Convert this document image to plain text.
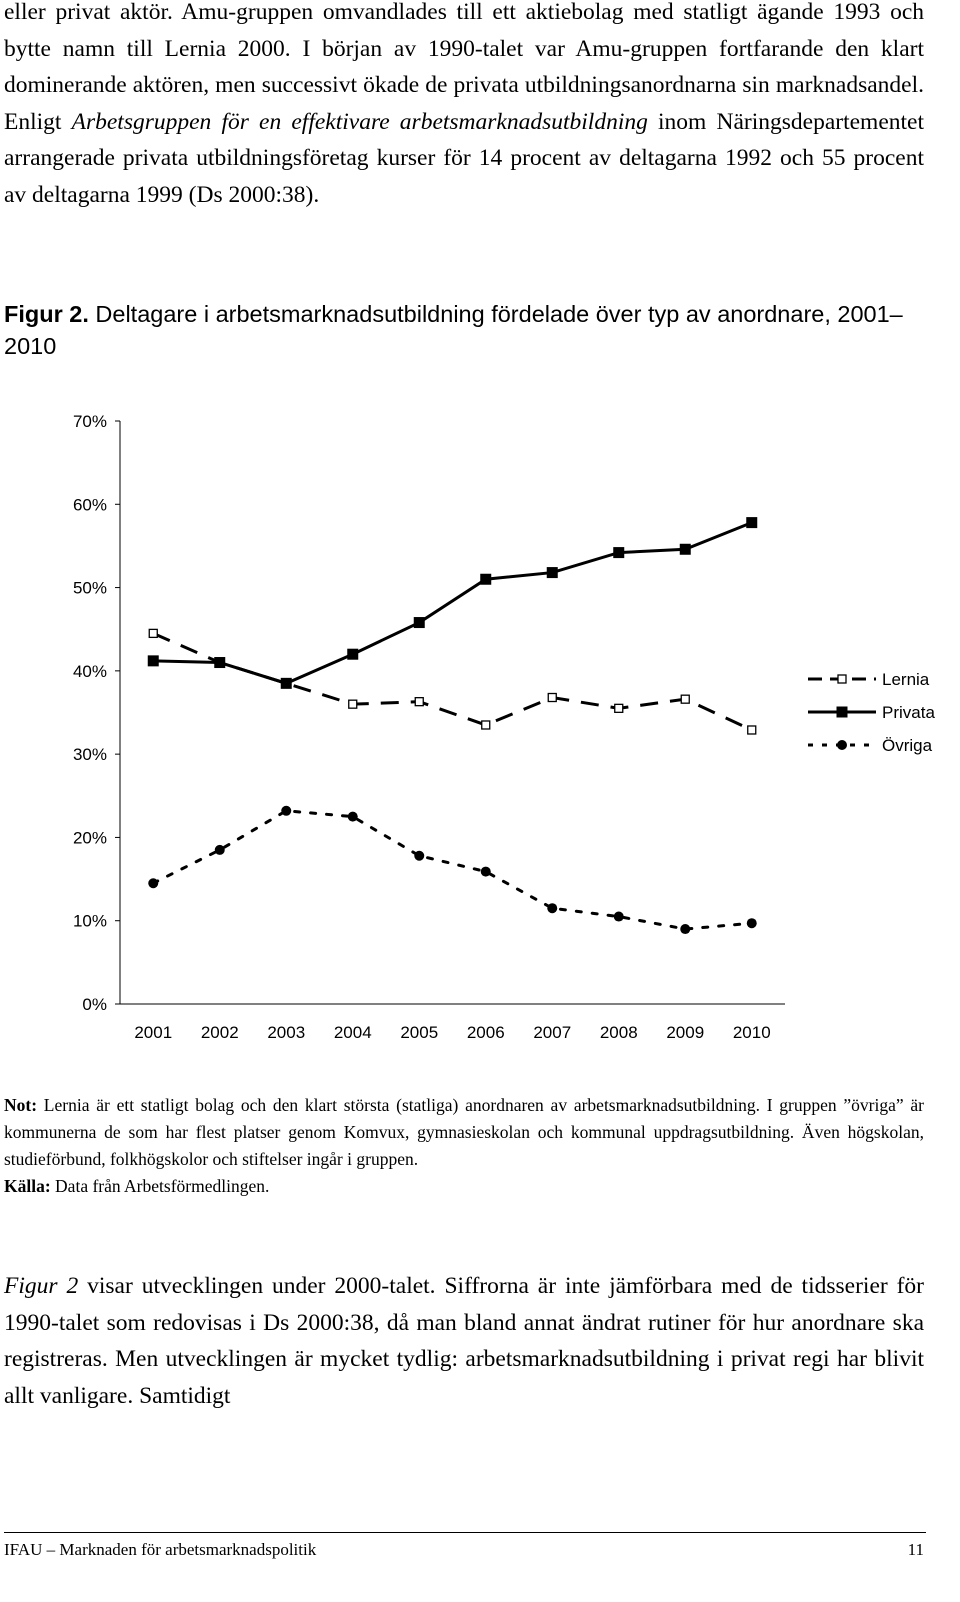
eller privat aktör. Amu-gruppen omvandlades till ett aktiebolag med statligt ägande 1993 och bytte namn till Lernia 2000. I början av 1990-talet var Amu-gruppen fortfarande den klart dominerande aktören, men successivt ökade de privata utbildningsanordnarna sin marknadsandel. Enligt Arbetsgruppen för en effektivare arbetsmarknadsutbildning inom Näringsdepartementet arrangerade privata utbildningsföretag kurser för 14 procent av deltagarna 1992 och 55 procent av deltagarna 1999 (Ds 2000:38).
Figur 2. Deltagare i arbetsmarknadsutbildning fördelade över typ av anordnare, 2001–2010
0%
10%
20%
30%
40%
50%
60%
70%
2001 2002 2003 2004 2005 2006 2007 2008 2009 2010
Lernia
Privata
Övriga
Not: Lernia är ett statligt bolag och den klart största (statliga) anordnaren av arbetsmarknadsutbildning. I gruppen ”övriga” är kommunerna de som har flest platser genom Komvux, gymnasieskolan och kommunal uppdragsutbildning. Även högskolan, studieförbund, folkhögskolor och stiftelser ingår i gruppen.
Källa: Data från Arbetsförmedlingen.
Figur 2 visar utvecklingen under 2000-talet. Siffrorna är inte jämförbara med de tidsserier för 1990-talet som redovisas i Ds 2000:38, då man bland annat ändrat rutiner för hur anordnare ska registreras. Men utvecklingen är mycket tydlig: arbetsmarknadsutbildning i privat regi har blivit allt vanligare. Samtidigt
IFAU – Marknaden för arbetsmarknadspolitik	11
